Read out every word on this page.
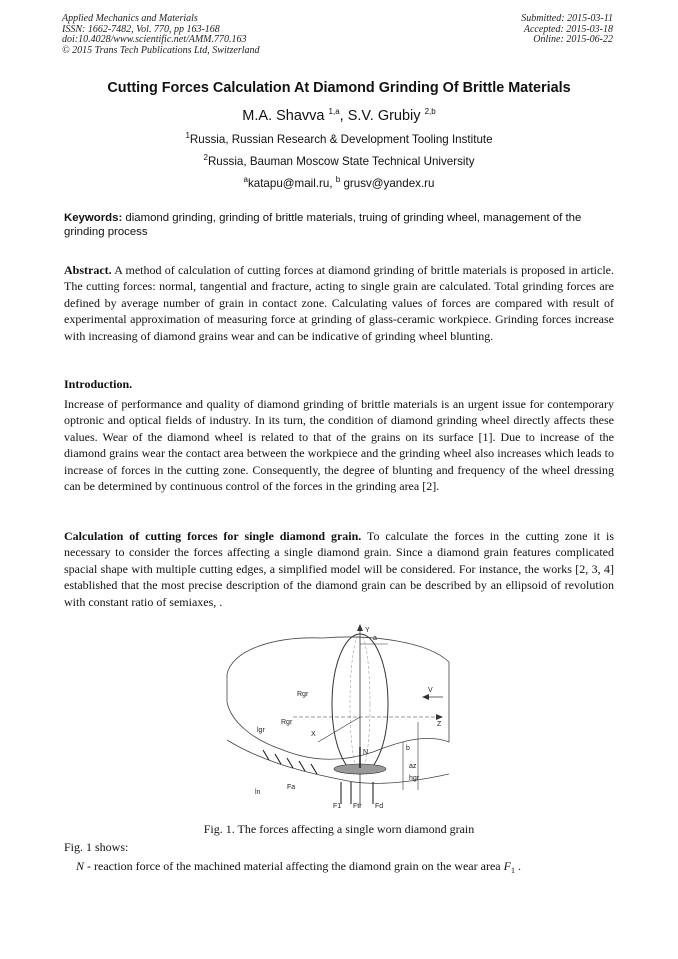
Applied Mechanics and Materials
ISSN: 1662-7482, Vol. 770, pp 163-168
doi:10.4028/www.scientific.net/AMM.770.163
© 2015 Trans Tech Publications Ltd, Switzerland
Submitted: 2015-03-11
Accepted: 2015-03-18
Online: 2015-06-22
Cutting Forces Calculation At Diamond Grinding Of Brittle Materials
M.A. Shavva $^{1,a}$, S.V. Grubiy $^{2,b}$
$^1$Russia, Russian Research & Development Tooling Institute
$^2$Russia, Bauman Moscow State Technical University
$^a$katapu@mail.ru, $^b$ grusv@yandex.ru
Keywords: diamond grinding, grinding of brittle materials, truing of grinding wheel, management of the grinding process
Abstract. A method of calculation of cutting forces at diamond grinding of brittle materials is proposed in article. The cutting forces: normal, tangential and fracture, acting to single grain are calculated. Total grinding forces are defined by average number of grain in contact zone. Calculating values of forces are compared with result of experimental approximation of measuring force at grinding of glass-ceramic workpiece. Grinding forces increase with increasing of diamond grains wear and can be indicative of grinding wheel blunting.
Introduction.
Increase of performance and quality of diamond grinding of brittle materials is an urgent issue for contemporary optronic and optical fields of industry. In its turn, the condition of diamond grinding wheel directly affects these values. Wear of the diamond wheel is related to that of the grains on its surface [1]. Due to increase of the diamond grains wear the contact area between the workpiece and the grinding wheel also increases which leads to increase of forces in the cutting zone. Consequently, the degree of blunting and frequency of the wheel dressing can be determined by continuous control of the forces in the grinding area [2].
Calculation of cutting forces for single diamond grain. To calculate the forces in the cutting zone it is necessary to consider the forces affecting a single diamond grain. Since a diamond grain features complicated spacial shape with multiple cutting edges, a simplified model will be considered. For instance, the works [2, 3, 4] established that the most precise description of the diamond grain can be described by an ellipsoid of revolution with constant ratio of semiaxes, .
Y
a
V
Z
X
N
b
Rgr
Rgr
lgr
ln
Fa
F1 Ftr Fd
az
hgr
Fig. 1. The forces affecting a single worn diamond grain
Fig. 1 shows:
N - reaction force of the machined material affecting the diamond grain on the wear area $F_1$ .
